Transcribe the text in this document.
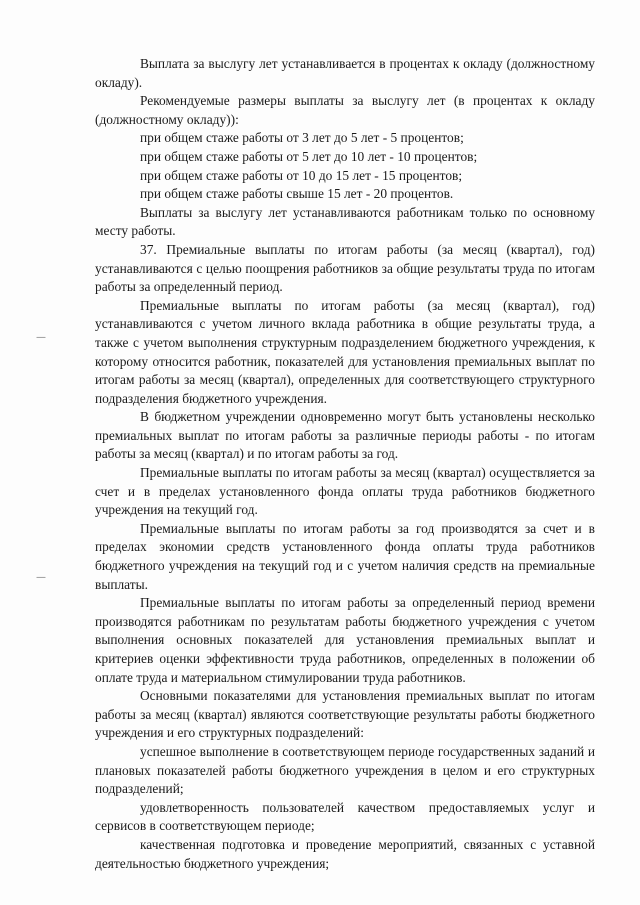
—
—

Выплата за выслугу лет устанавливается в процентах к окладу (должностному окладу).

Рекомендуемые размеры выплаты за выслугу лет (в процентах к окладу (должностному окладу)):

при общем стаже работы от 3 лет до 5 лет - 5 процентов;

при общем стаже работы от 5 лет до 10 лет - 10 процентов;

при общем стаже работы от 10 до 15 лет - 15 процентов;

при общем стаже работы свыше 15 лет - 20 процентов.

Выплаты за выслугу лет устанавливаются работникам только по основному месту работы.

37. Премиальные выплаты по итогам работы (за месяц (квартал), год) устанавливаются с целью поощрения работников за общие результаты труда по итогам работы за определенный период.

Премиальные выплаты по итогам работы (за месяц (квартал), год) устанавливаются с учетом личного вклада работника в общие результаты труда, а также с учетом выполнения структурным подразделением бюджетного учреждения, к которому относится работник, показателей для установления премиальных выплат по итогам работы за месяц (квартал), определенных для соответствующего структурного подразделения бюджетного учреждения.

В бюджетном учреждении одновременно могут быть установлены несколько премиальных выплат по итогам работы за различные периоды работы - по итогам работы за месяц (квартал) и по итогам работы за год.

Премиальные выплаты по итогам работы за месяц (квартал) осуществляется за счет и в пределах установленного фонда оплаты труда работников бюджетного учреждения на текущий год.

Премиальные выплаты по итогам работы за год производятся за счет и в пределах экономии средств установленного фонда оплаты труда работников бюджетного учреждения на текущий год и с учетом наличия средств на премиальные выплаты.

Премиальные выплаты по итогам работы за определенный период времени производятся работникам по результатам работы бюджетного учреждения с учетом выполнения основных показателей для установления премиальных выплат и критериев оценки эффективности труда работников, определенных в положении об оплате труда и материальном стимулировании труда работников.

Основными показателями для установления премиальных выплат по итогам работы за месяц (квартал) являются соответствующие результаты работы бюджетного учреждения и его структурных подразделений:

успешное выполнение в соответствующем периоде государственных заданий и плановых показателей работы бюджетного учреждения в целом и его структурных подразделений;

удовлетворенность пользователей качеством предоставляемых услуг и сервисов в соответствующем периоде;

качественная подготовка и проведение мероприятий, связанных с уставной деятельностью бюджетного учреждения;
